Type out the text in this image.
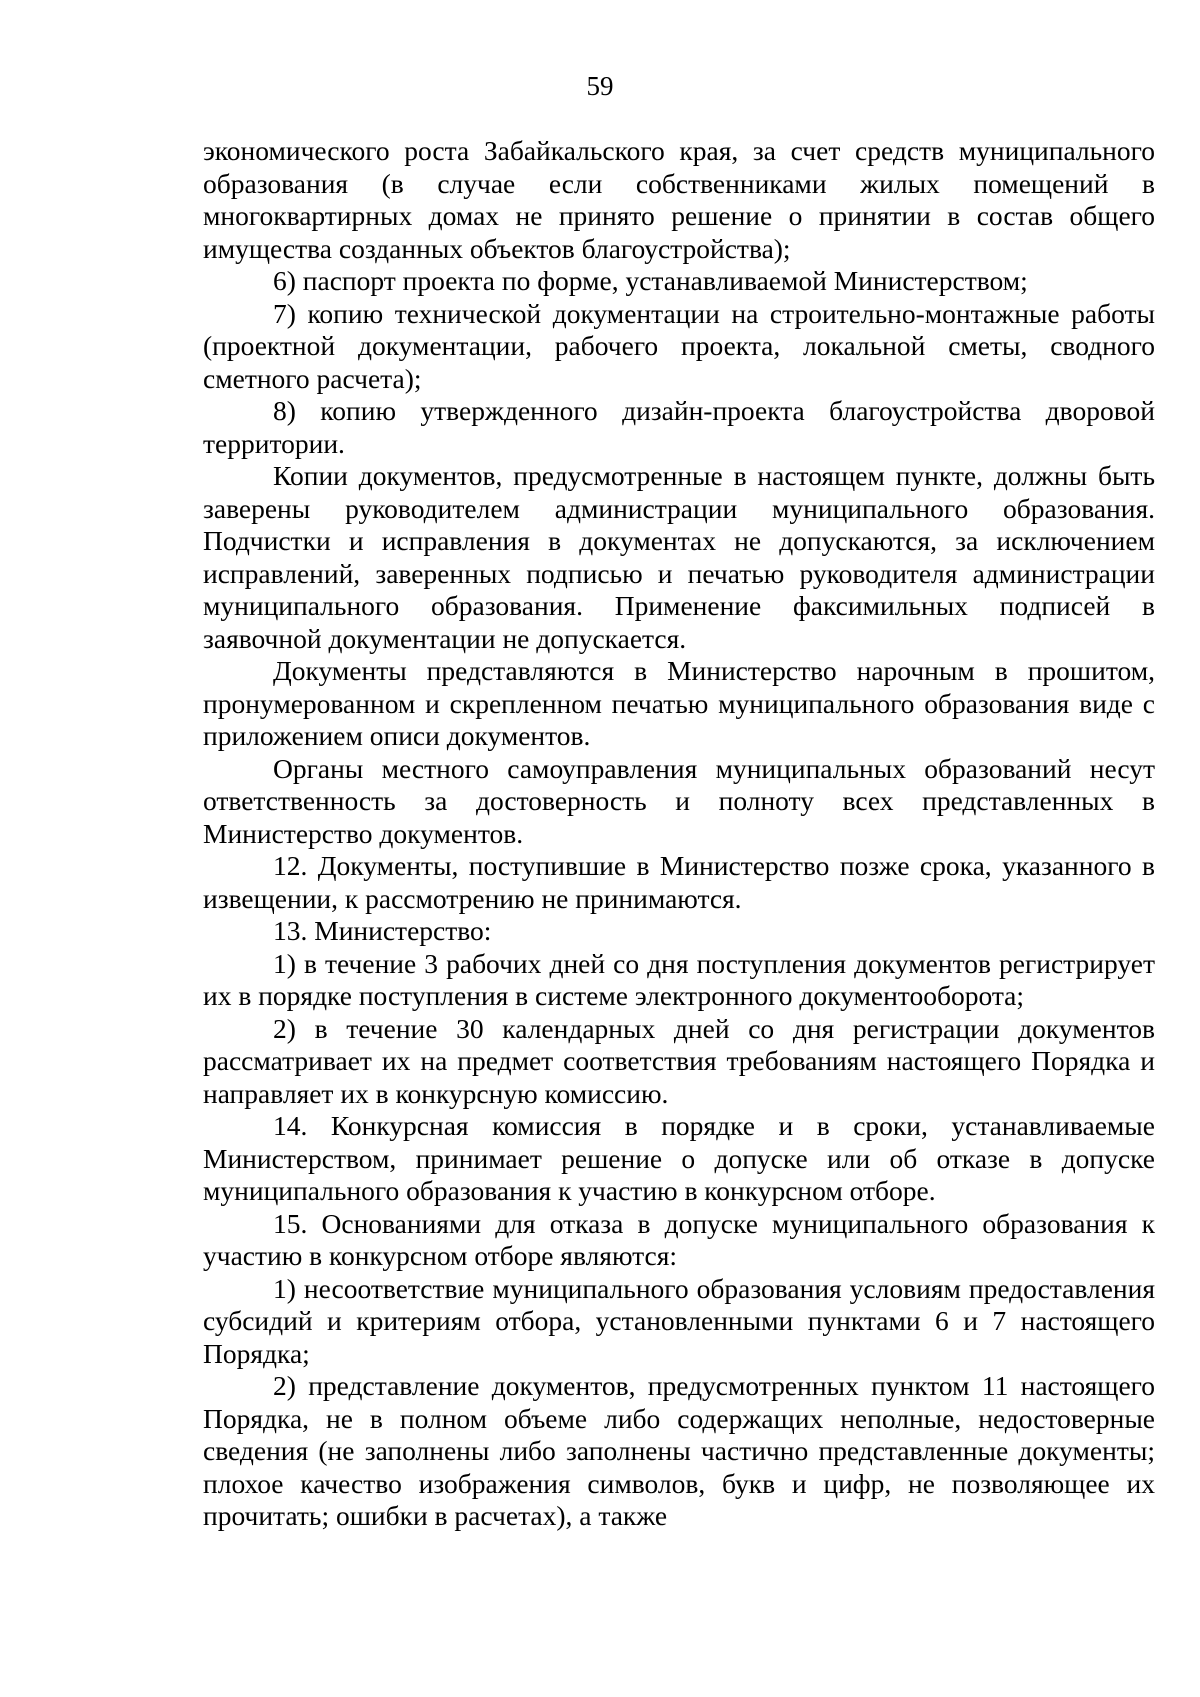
59

экономического роста Забайкальского края, за счет средств муниципального образования (в случае если собственниками жилых помещений в многоквартирных домах не принято решение о принятии в состав общего имущества созданных объектов благоустройства);

6) паспорт проекта по форме, устанавливаемой Министерством;

7) копию технической документации на строительно-монтажные работы (проектной документации, рабочего проекта, локальной сметы, сводного сметного расчета);

8) копию утвержденного дизайн-проекта благоустройства дворовой территории.

Копии документов, предусмотренные в настоящем пункте, должны быть заверены руководителем администрации муниципального образования. Подчистки и исправления в документах не допускаются, за исключением исправлений, заверенных подписью и печатью руководителя администрации муниципального образования. Применение факсимильных подписей в заявочной документации не допускается.

Документы представляются в Министерство нарочным в прошитом, пронумерованном и скрепленном печатью муниципального образования виде с приложением описи документов.

Органы местного самоуправления муниципальных образований несут ответственность за достоверность и полноту всех представленных в Министерство документов.

12. Документы, поступившие в Министерство позже срока, указанного в извещении, к рассмотрению не принимаются.

13. Министерство:

1) в течение 3 рабочих дней со дня поступления документов регистрирует их в порядке поступления в системе электронного документооборота;

2) в течение 30 календарных дней со дня регистрации документов рассматривает их на предмет соответствия требованиям настоящего Порядка и направляет их в конкурсную комиссию.

14. Конкурсная комиссия в порядке и в сроки, устанавливаемые Министерством, принимает решение о допуске или об отказе в допуске муниципального образования к участию в конкурсном отборе.

15. Основаниями для отказа в допуске муниципального образования к участию в конкурсном отборе являются:

1) несоответствие муниципального образования условиям предоставления субсидий и критериям отбора, установленными пунктами 6 и 7 настоящего Порядка;

2) представление документов, предусмотренных пунктом 11 настоящего Порядка, не в полном объеме либо содержащих неполные, недостоверные сведения (не заполнены либо заполнены частично представленные документы; плохое качество изображения символов, букв и цифр, не позволяющее их прочитать; ошибки в расчетах), а также
